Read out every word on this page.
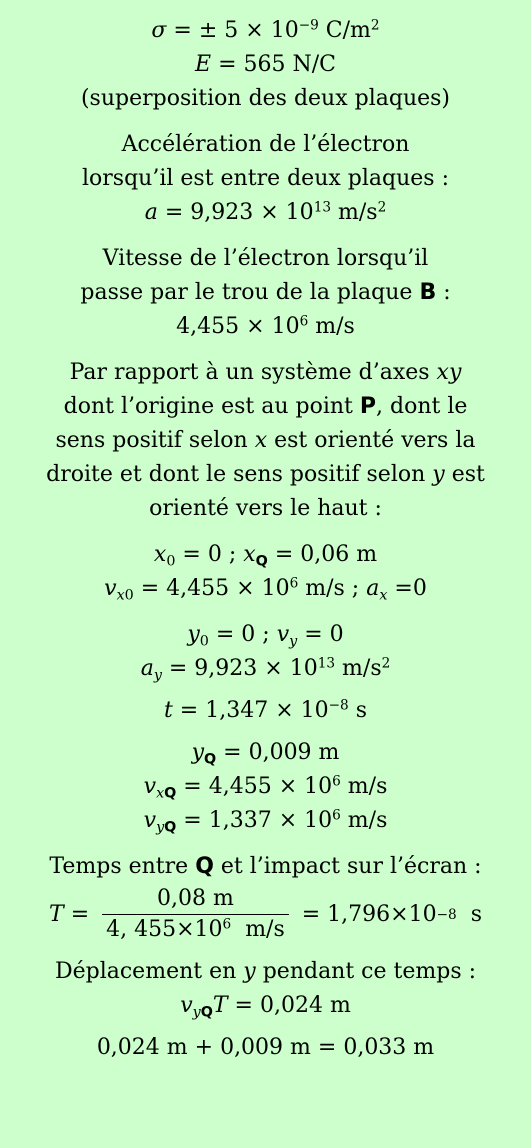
σ = ± $5 \times 10^{-9}$ $C/m^2$
E = 565 N/C
(superposition des deux plaques)

Accélération de l’électron
lorsqu’il est entre deux plaques :
$a = 9,923 \times 10^{13}$ $m/s^2$

Vitesse de l’électron lorsqu’il
passe par le trou de la plaque B :
$4,455 \times 10^6$ m/s

Par rapport à un système d’axes xy
dont l’origine est au point P, dont le
sens positif selon x est orienté vers la
droite et dont le sens positif selon y est
orienté vers le haut :

$x_0 = 0$ ; $x_Q = 0,06$ m
$v_{x0} = 4,455 \times 10^6$ m/s ; $a_x =0$

$y_0 = 0$ ; $v_y = 0$
$a_y = 9,923 \times 10^{13}$ $m/s^2$

$t = 1,347 \times 10^{-8}$ s

$y_Q = 0,009$ m
$v_{xQ} = 4,455 \times 10^6$ m/s
$v_{yQ} = 1,337 \times 10^6$ m/s

Temps entre Q et l’impact sur l’écran :
$T = \frac{0,08 m}{4, 455\times 10^6 m/s} = 1,796\times 10 -8$ s

Déplacement en y pendant ce temps :
$v_{yQ}T = 0,024$ m

0,024 m + 0,009 m = 0,033 m
